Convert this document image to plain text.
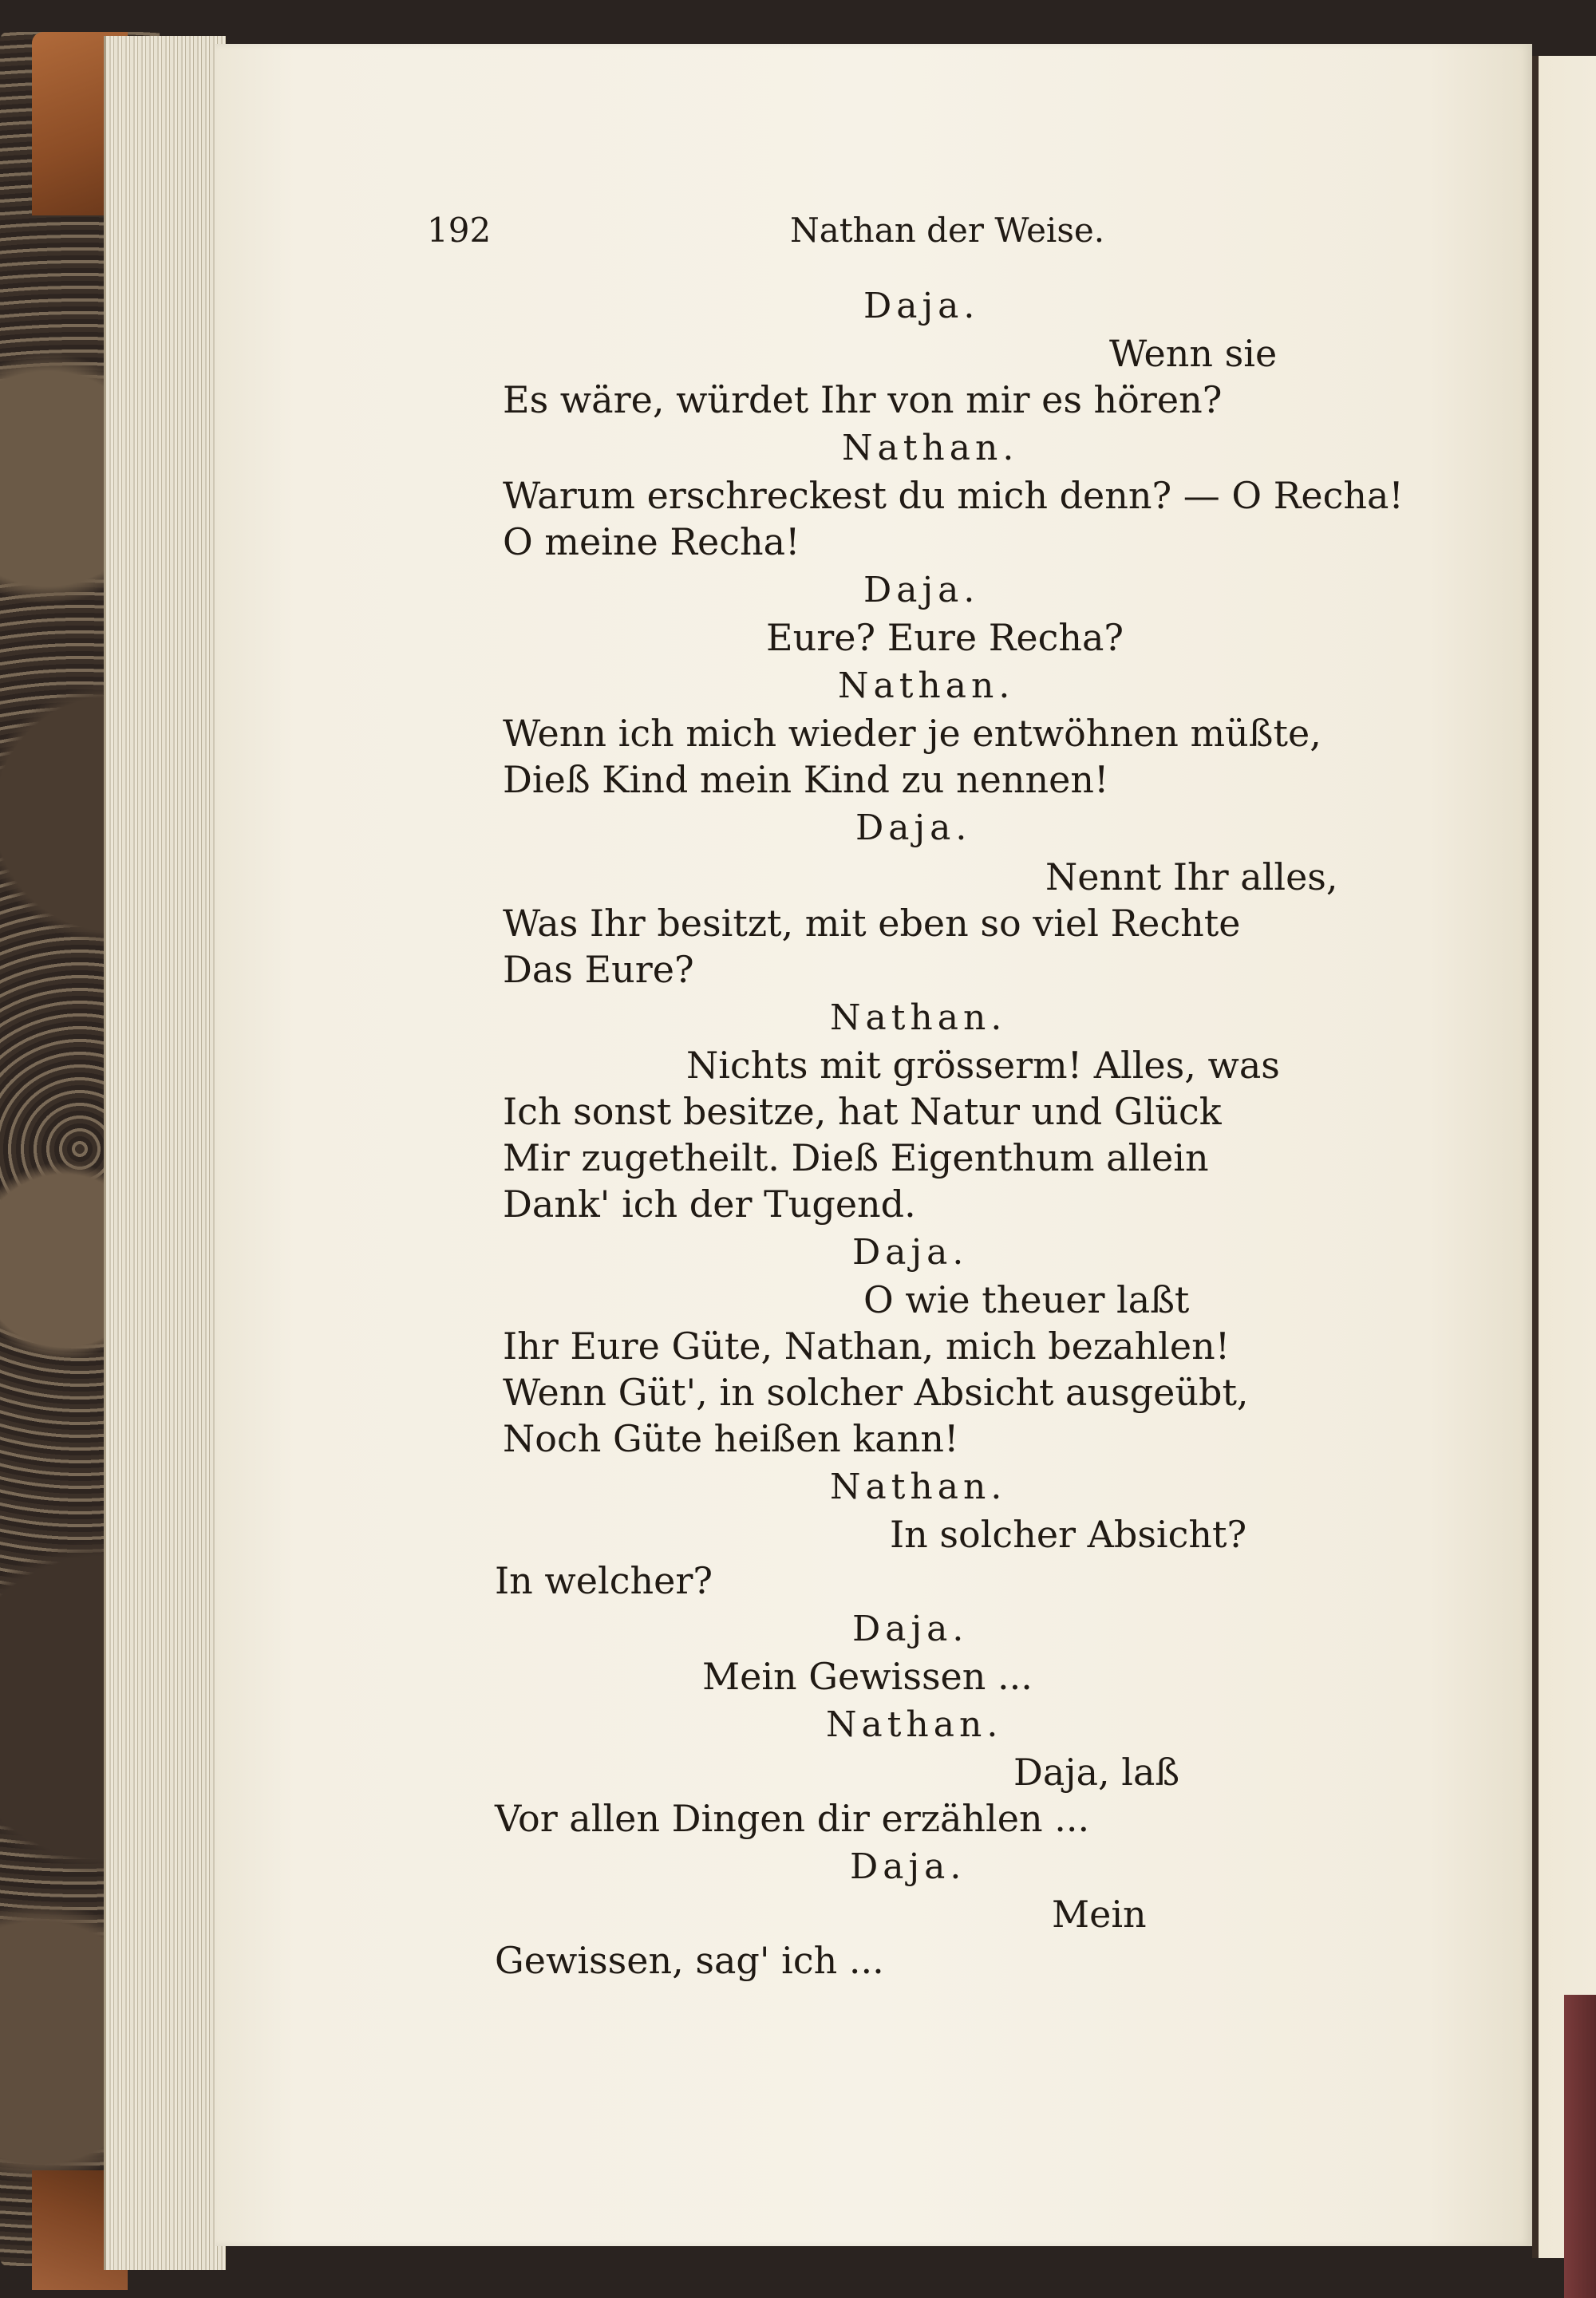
192	Nathan der Weise.
Daja.
Wenn sie
Es wäre, würdet Ihr von mir es hören?
Nathan.
Warum erschreckest du mich denn? — O Recha!
O meine Recha!
Daja.
Eure? Eure Recha?
Nathan.
Wenn ich mich wieder je entwöhnen müßte,
Dieß Kind mein Kind zu nennen!
Daja.
Nennt Ihr alles,
Was Ihr besitzt, mit eben so viel Rechte
Das Eure?
Nathan.
Nichts mit grösserm! Alles, was
Ich sonst besitze, hat Natur und Glück
Mir zugetheilt. Dieß Eigenthum allein
Dank' ich der Tugend.
Daja.
O wie theuer laßt
Ihr Eure Güte, Nathan, mich bezahlen!
Wenn Güt', in solcher Absicht ausgeübt,
Noch Güte heißen kann!
Nathan.
In solcher Absicht?
In welcher?
Daja.
Mein Gewissen ...
Nathan.
Daja, laß
Vor allen Dingen dir erzählen ...
Daja.
Mein
Gewissen, sag' ich ...
